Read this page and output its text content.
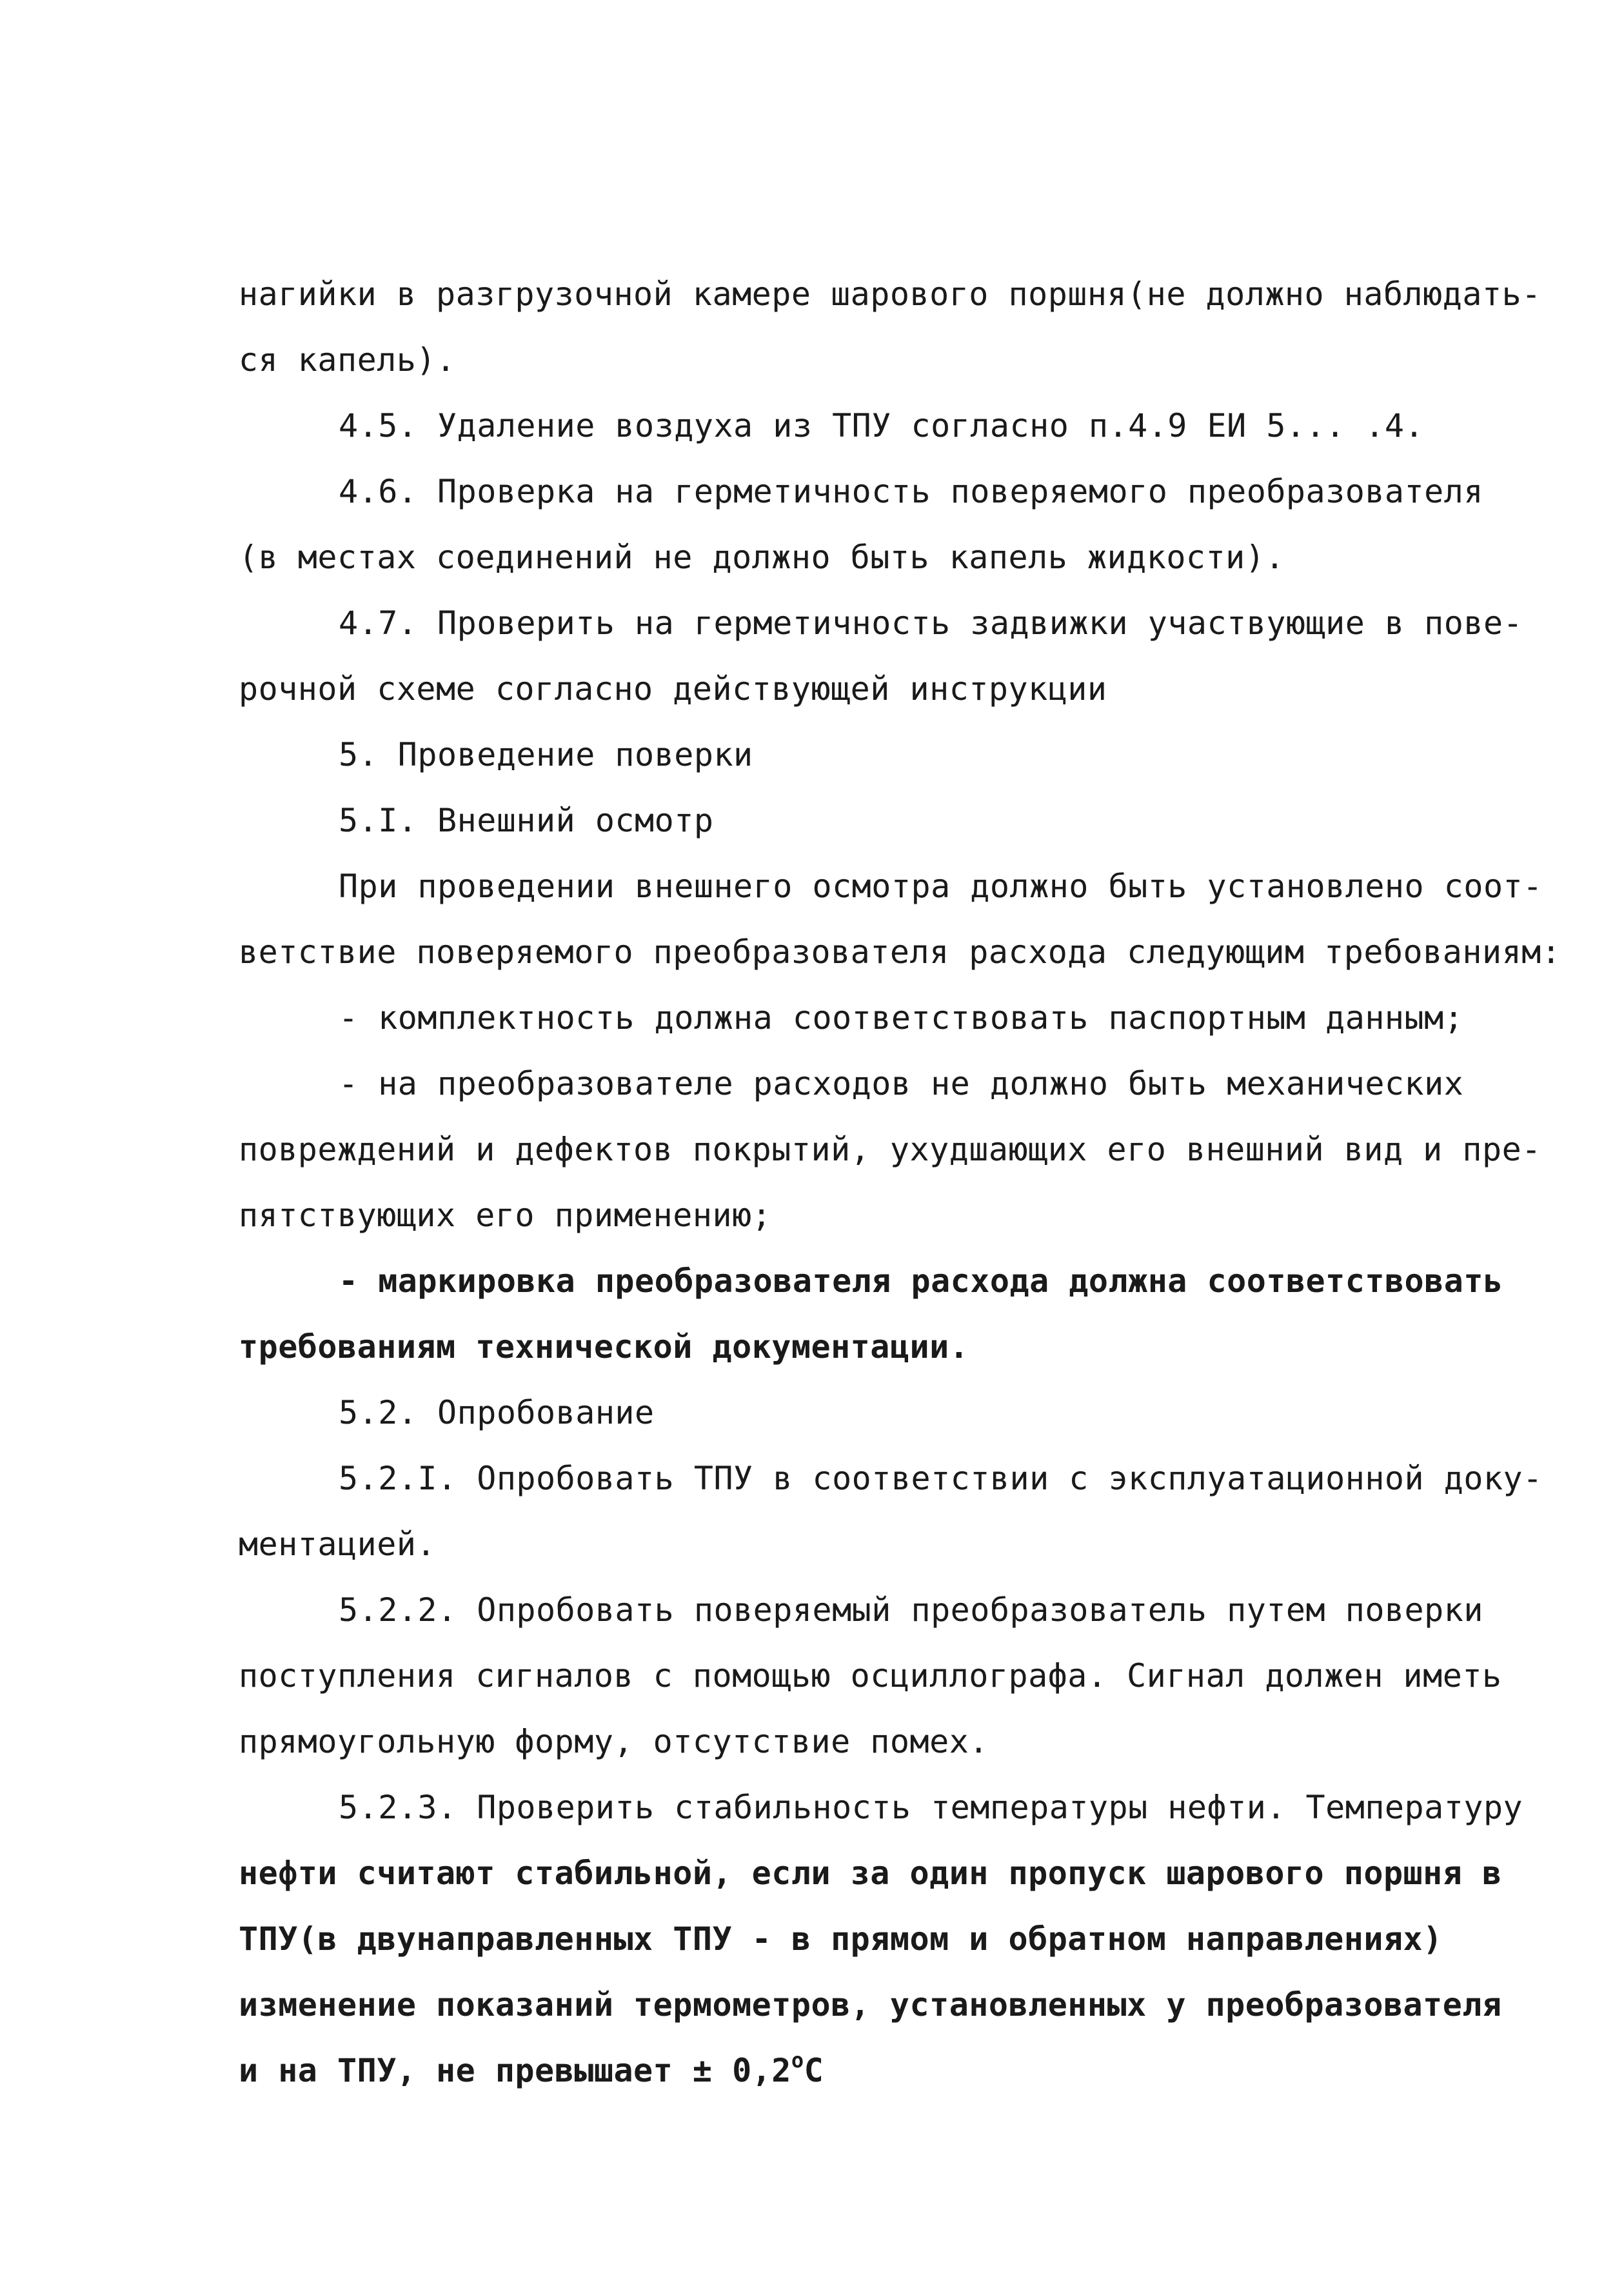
нагийки в разгрузочной камере шарового поршня(не должно наблюдать-
ся капель).
4.5. Удаление воздуха из ТПУ согласно п.4.9 ЕИ 5... .4.
4.6. Проверка на герметичность поверяемого преобразователя
(в местах соединений не должно быть капель жидкости).
4.7. Проверить на герметичность задвижки участвующие в пове-
рочной схеме согласно действующей инструкции
5. Проведение поверки
5.I. Внешний осмотр
При проведении внешнего осмотра должно быть установлено соот-
ветствие поверяемого преобразователя расхода следующим требованиям:
- комплектность должна соответствовать паспортным данным;
- на преобразователе расходов не должно быть механических
повреждений и дефектов покрытий, ухудшающих его внешний вид и пре-
пятствующих его применению;
- маркировка преобразователя расхода должна соответствовать
требованиям технической документации.
5.2. Опробование
5.2.I. Опробовать ТПУ в соответствии с эксплуатационной доку-
ментацией.
5.2.2. Опробовать поверяемый преобразователь путем поверки
поступления сигналов с помощью осциллографа. Сигнал должен иметь
прямоугольную форму, отсутствие помех.
5.2.3. Проверить стабильность температуры нефти. Температуру
нефти считают стабильной, если за один пропуск шарового поршня в
ТПУ(в двунаправленных ТПУ - в прямом и обратном направлениях)
изменение показаний термометров, установленных у преобразователя
и на ТПУ, не превышает ± $0,2^оС$
